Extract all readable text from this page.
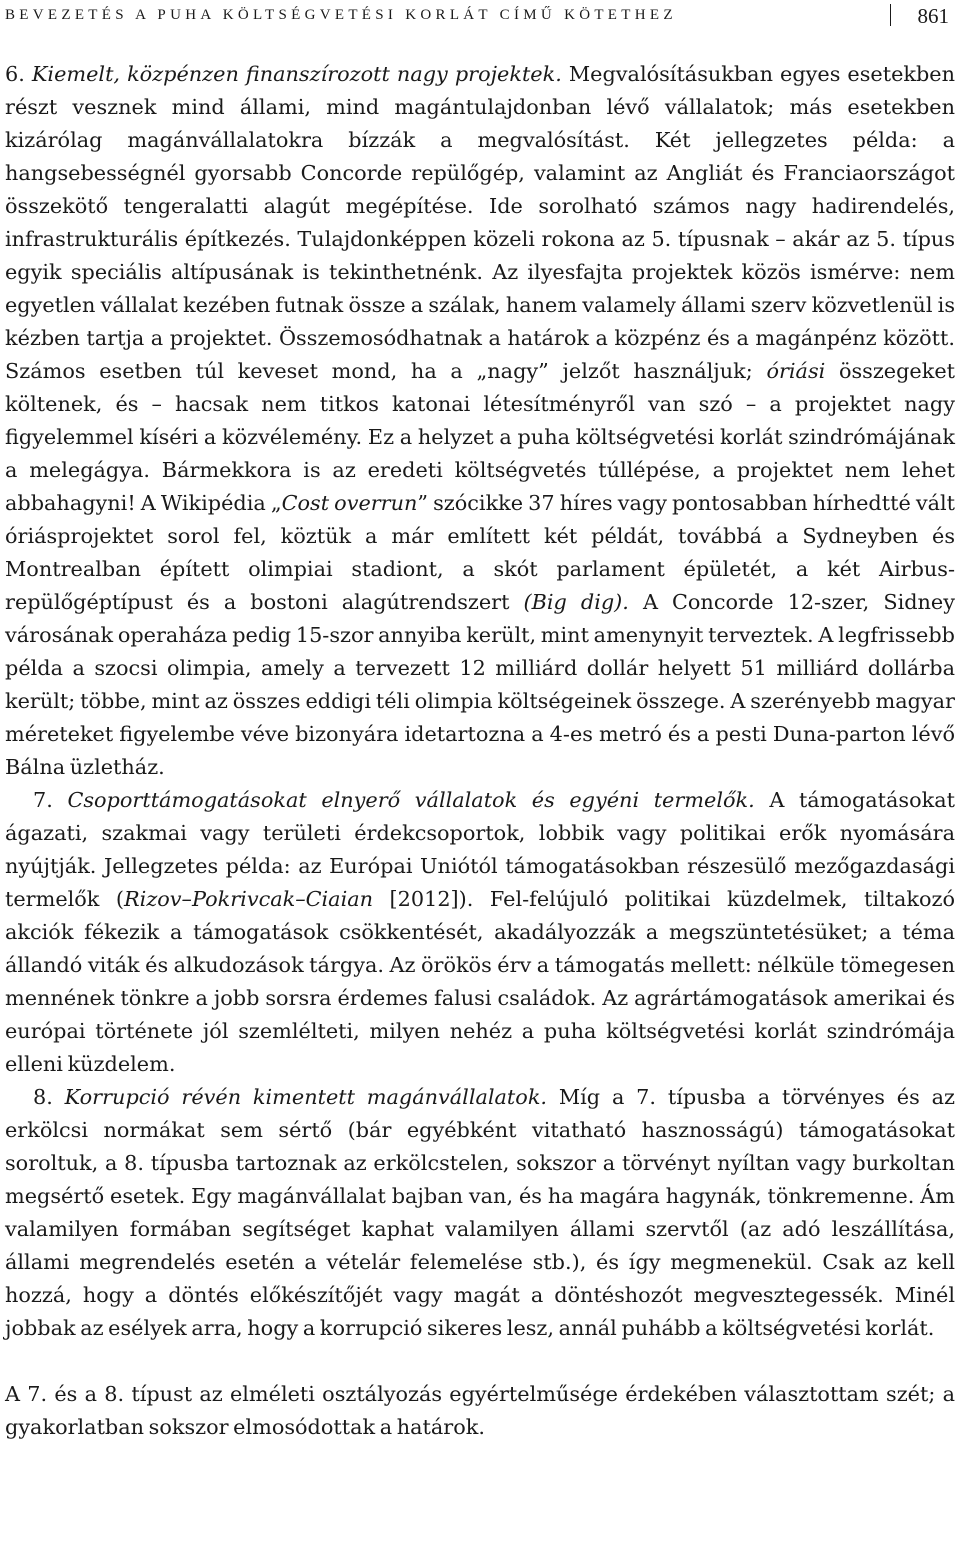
BEVEZETÉS A PUHA KÖLTSÉGVETÉSI KORLÁT CÍMŰ KÖTETHEZ	861

6. Kiemelt, közpénzen finanszírozott nagy projektek. Megvalósításukban egyes esetekben részt vesznek mind állami, mind magántulajdonban lévő vállalatok; más esetekben kizárólag magánvállalatokra bízzák a megvalósítást. Két jellegzetes példa: a hangsebességnél gyorsabb Concorde repülőgép, valamint az Angliát és Franciaországot összekötő tengeralatti alagút megépítése. Ide sorolható számos nagy hadirendelés, infrastrukturális építkezés. Tulajdonképpen közeli rokona az 5. típusnak – akár az 5. típus egyik speciális altípusának is tekinthetnénk. Az ilyesfajta projektek közös ismérve: nem egyetlen vállalat kezében futnak össze a szálak, hanem valamely állami szerv közvetlenül is kézben tartja a projektet. Összemosódhatnak a határok a közpénz és a magánpénz között. Számos esetben túl keveset mond, ha a „nagy” jelzőt használjuk; óriási összegeket költenek, és – hacsak nem titkos katonai létesítményről van szó – a projektet nagy figyelemmel kíséri a közvélemény. Ez a helyzet a puha költségvetési korlát szindrómájának a melegágya. Bármekkora is az eredeti költségvetés túllépése, a projektet nem lehet abbahagyni! A Wikipédia „Cost overrun” szócikke 37 híres vagy pontosabban hírhedtté vált óriásprojektet sorol fel, köztük a már említett két példát, továbbá a Sydneyben és Montrealban épített olimpiai stadiont, a skót parlament épületét, a két Airbus-repülőgéptípust és a bostoni alagútrendszert (Big dig). A Concorde 12-szer, Sidney városának operaháza pedig 15-szor annyiba került, mint amenynyit terveztek. A legfrissebb példa a szocsi olimpia, amely a tervezett 12 milliárd dollár helyett 51 milliárd dollárba került; többe, mint az összes eddigi téli olimpia költségeinek összege. A szerényebb magyar méreteket figyelembe véve bizonyára idetartozna a 4-es metró és a pesti Duna-parton lévő Bálna üzletház.

7. Csoporttámogatásokat elnyerő vállalatok és egyéni termelők. A támogatásokat ágazati, szakmai vagy területi érdekcsoportok, lobbik vagy politikai erők nyomására nyújtják. Jellegzetes példa: az Európai Uniótól támogatásokban részesülő mezőgazdasági termelők (Rizov–Pokrivcak–Ciaian [2012]). Fel-felújuló politikai küzdelmek, tiltakozó akciók fékezik a támogatások csökkentését, akadályozzák a megszüntetésüket; a téma állandó viták és alkudozások tárgya. Az örökös érv a támogatás mellett: nélküle tömegesen mennének tönkre a jobb sorsra érdemes falusi családok. Az agrártámogatások amerikai és európai története jól szemlélteti, milyen nehéz a puha költségvetési korlát szindrómája elleni küzdelem.

8. Korrupció révén kimentett magánvállalatok. Míg a 7. típusba a törvényes és az erkölcsi normákat sem sértő (bár egyébként vitatható hasznosságú) támogatásokat soroltuk, a 8. típusba tartoznak az erkölcstelen, sokszor a törvényt nyíltan vagy burkoltan megsértő esetek. Egy magánvállalat bajban van, és ha magára hagynák, tönkremenne. Ám valamilyen formában segítséget kaphat valamilyen állami szervtől (az adó leszállítása, állami megrendelés esetén a vételár felemelése stb.), és így megmenekül. Csak az kell hozzá, hogy a döntés előkészítőjét vagy magát a döntéshozót megvesztegessék. Minél jobbak az esélyek arra, hogy a korrupció sikeres lesz, annál puhább a költségvetési korlát.

A 7. és a 8. típust az elméleti osztályozás egyértelműsége érdekében választottam szét; a gyakorlatban sokszor elmosódottak a határok.
